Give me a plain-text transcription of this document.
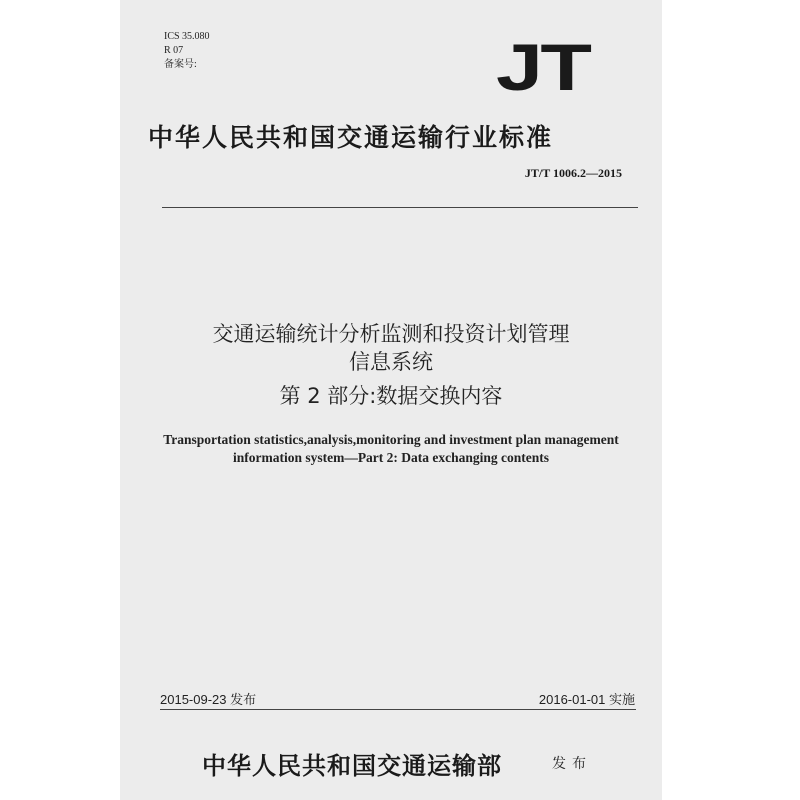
ICS 35.080
R 07
备案号:	JT
中华人民共和国交通运输行业标准
JT/T 1006.2—2015
交通运输统计分析监测和投资计划管理
信息系统
第 2 部分:数据交换内容
Transportation statistics,analysis,monitoring and investment plan management
information system—Part 2: Data exchanging contents
2015-09-23 发布	2016-01-01 实施
中华人民共和国交通运输部	发布
